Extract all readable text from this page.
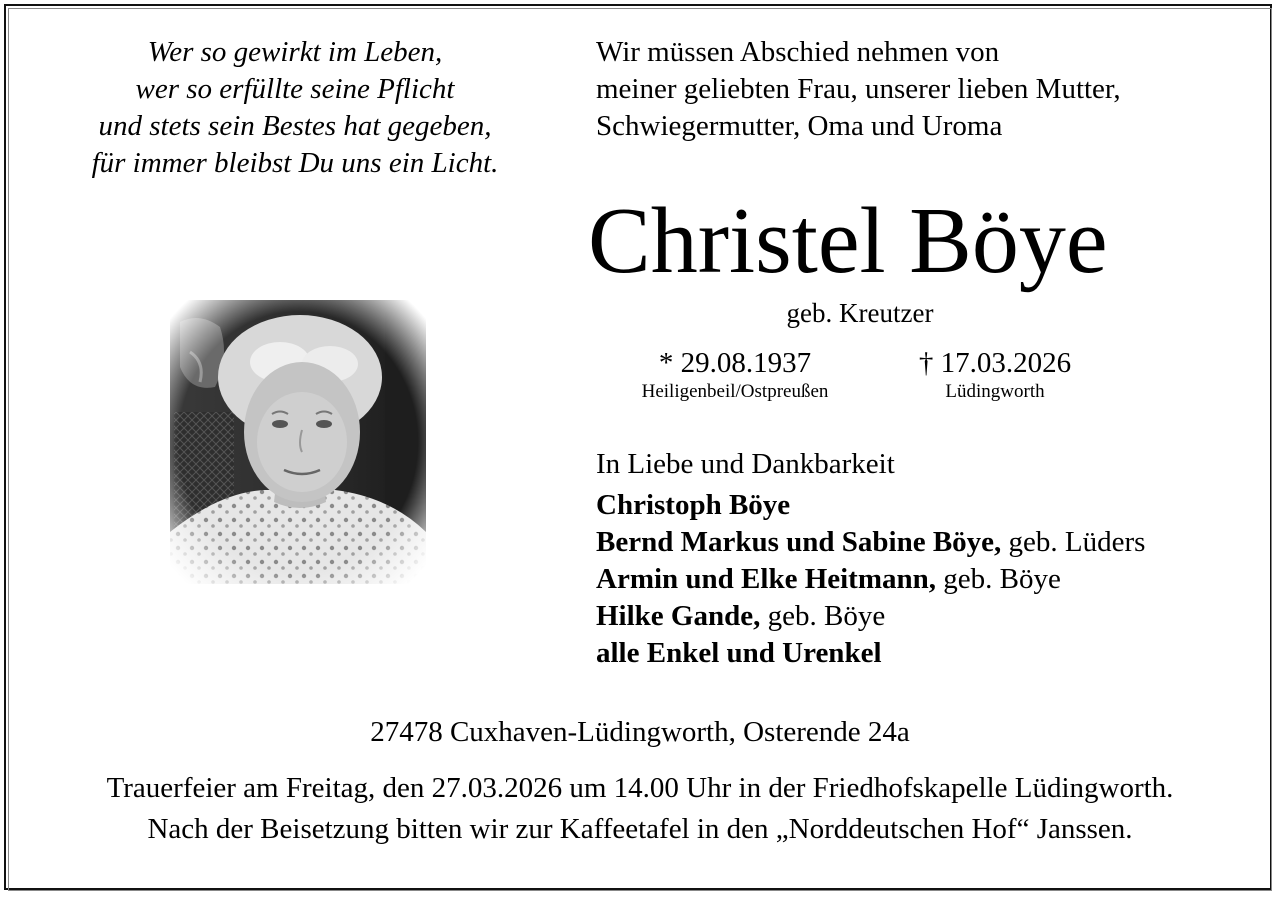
Wer so gewirkt im Leben,
wer so erfüllte seine Pflicht
und stets sein Bestes hat gegeben,
für immer bleibst Du uns ein Licht.
Wir müssen Abschied nehmen von
meiner geliebten Frau, unserer lieben Mutter,
Schwiegermutter, Oma und Uroma
Christel Böye
geb. Kreutzer
* 29.08.1937
Heiligenbeil/Ostpreußen
† 17.03.2026
Lüdingworth
In Liebe und Dankbarkeit
Christoph Böye
Bernd Markus und Sabine Böye, geb. Lüders
Armin und Elke Heitmann, geb. Böye
Hilke Gande, geb. Böye
alle Enkel und Urenkel
27478 Cuxhaven-Lüdingworth, Osterende 24a
Trauerfeier am Freitag, den 27.03.2026 um 14.00 Uhr in der Friedhofskapelle Lüdingworth.
Nach der Beisetzung bitten wir zur Kaffeetafel in den „Norddeutschen Hof“ Janssen.
